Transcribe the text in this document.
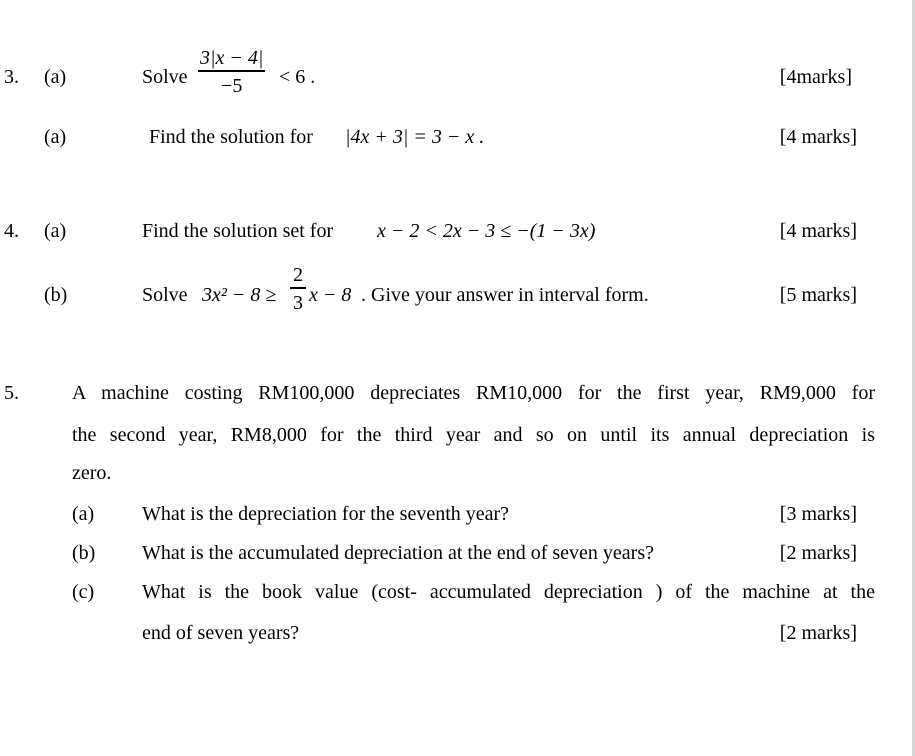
3. (a)	Solve
3|x − 4|
−5	< 6 .	[4marks]
(a)	Find the solution for |4x + 3| = 3 − x .	[4 marks]
4. (a)	Find the solution set for x − 2 < 2x − 3 ≤ −(1 − 3x)	[4 marks]
(b)	Solve 3x² − 8 ≥
2
3 x − 8 . Give your answer in interval form.	[5 marks]
5.	A machine costing RM100,000 depreciates RM10,000 for the first year, RM9,000 for
the second year, RM8,000 for the third year and so on until its annual depreciation is
zero.
(a) What is the depreciation for the seventh year?	[3 marks]
(b) What is the accumulated depreciation at the end of seven years?	[2 marks]
(c) What is the book value (cost- accumulated depreciation ) of the machine at the
end of seven years?	[2 marks]
